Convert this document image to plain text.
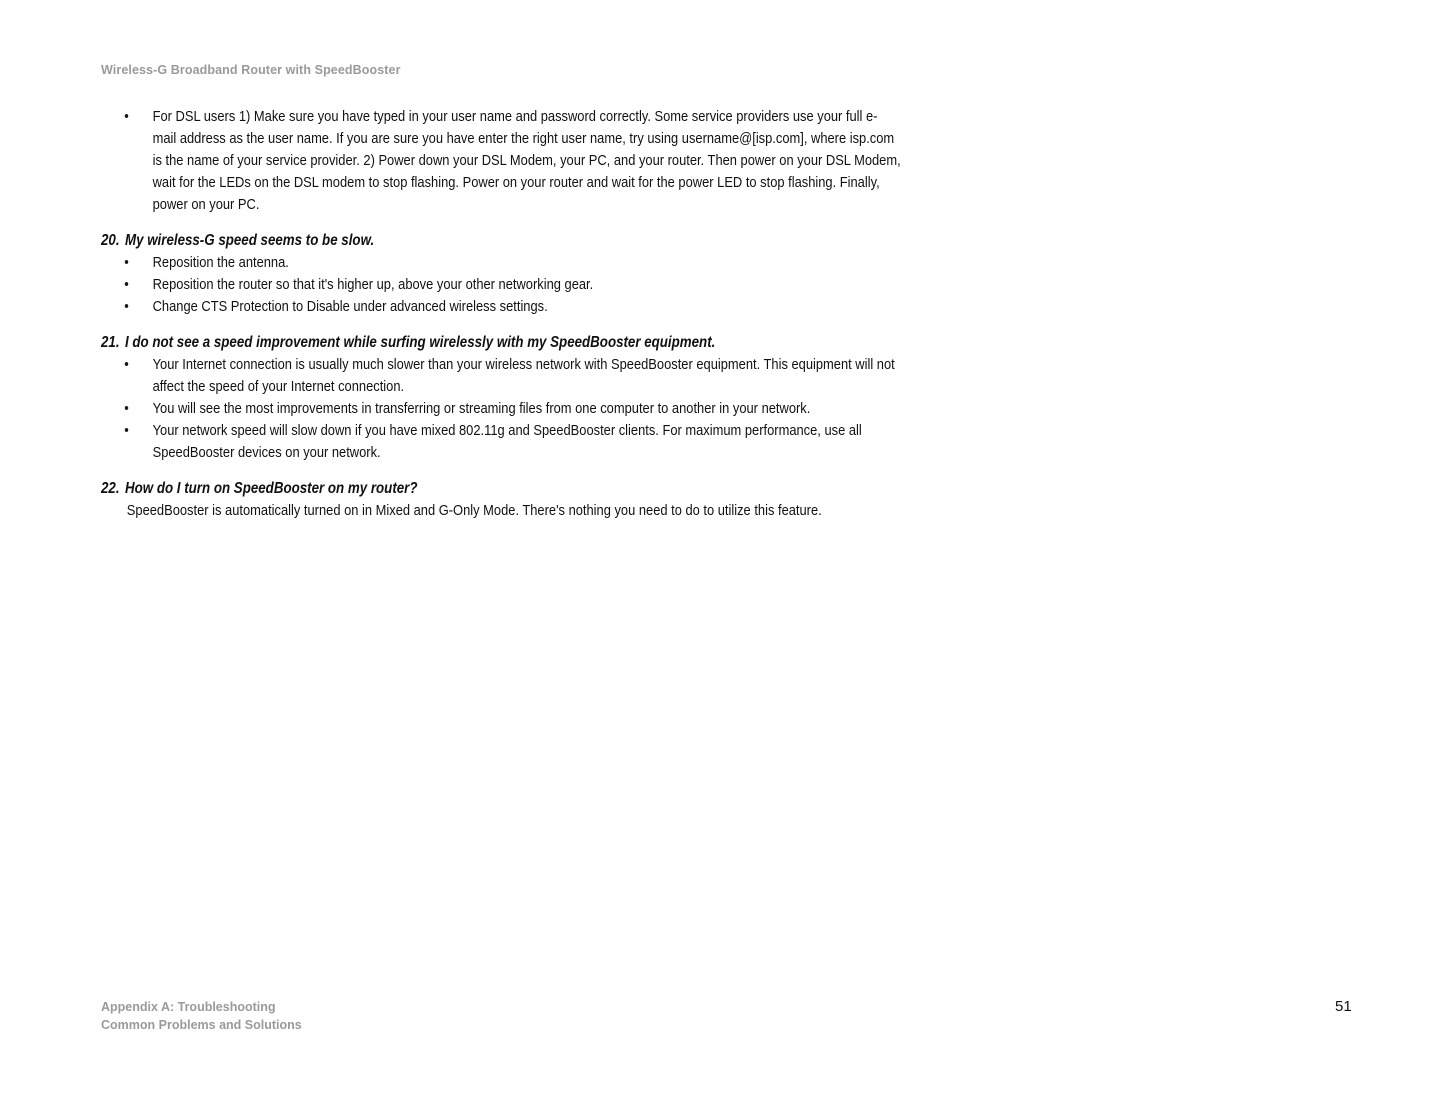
Wireless-G Broadband Router with SpeedBooster
• For DSL users 1) Make sure you have typed in your user name and password correctly. Some service providers use your full e-mail address as the user name. If you are sure you have enter the right user name, try using username@[isp.com], where isp.com is the name of your service provider. 2) Power down your DSL Modem, your PC, and your router. Then power on your DSL Modem, wait for the LEDs on the DSL modem to stop flashing. Power on your router and wait for the power LED to stop flashing. Finally, power on your PC.

20. My wireless-G speed seems to be slow.

• Reposition the antenna.
• Reposition the router so that it's higher up, above your other networking gear.
• Change CTS Protection to Disable under advanced wireless settings.

21. I do not see a speed improvement while surfing wirelessly with my SpeedBooster equipment.

• Your Internet connection is usually much slower than your wireless network with SpeedBooster equipment. This equipment will not affect the speed of your Internet connection.
• You will see the most improvements in transferring or streaming files from one computer to another in your network.
• Your network speed will slow down if you have mixed 802.11g and SpeedBooster clients. For maximum performance, use all SpeedBooster devices on your network.

22. How do I turn on SpeedBooster on my router?

SpeedBooster is automatically turned on in Mixed and G-Only Mode. There's nothing you need to do to utilize this feature.

Appendix A: Troubleshooting
Common Problems and Solutions
51
